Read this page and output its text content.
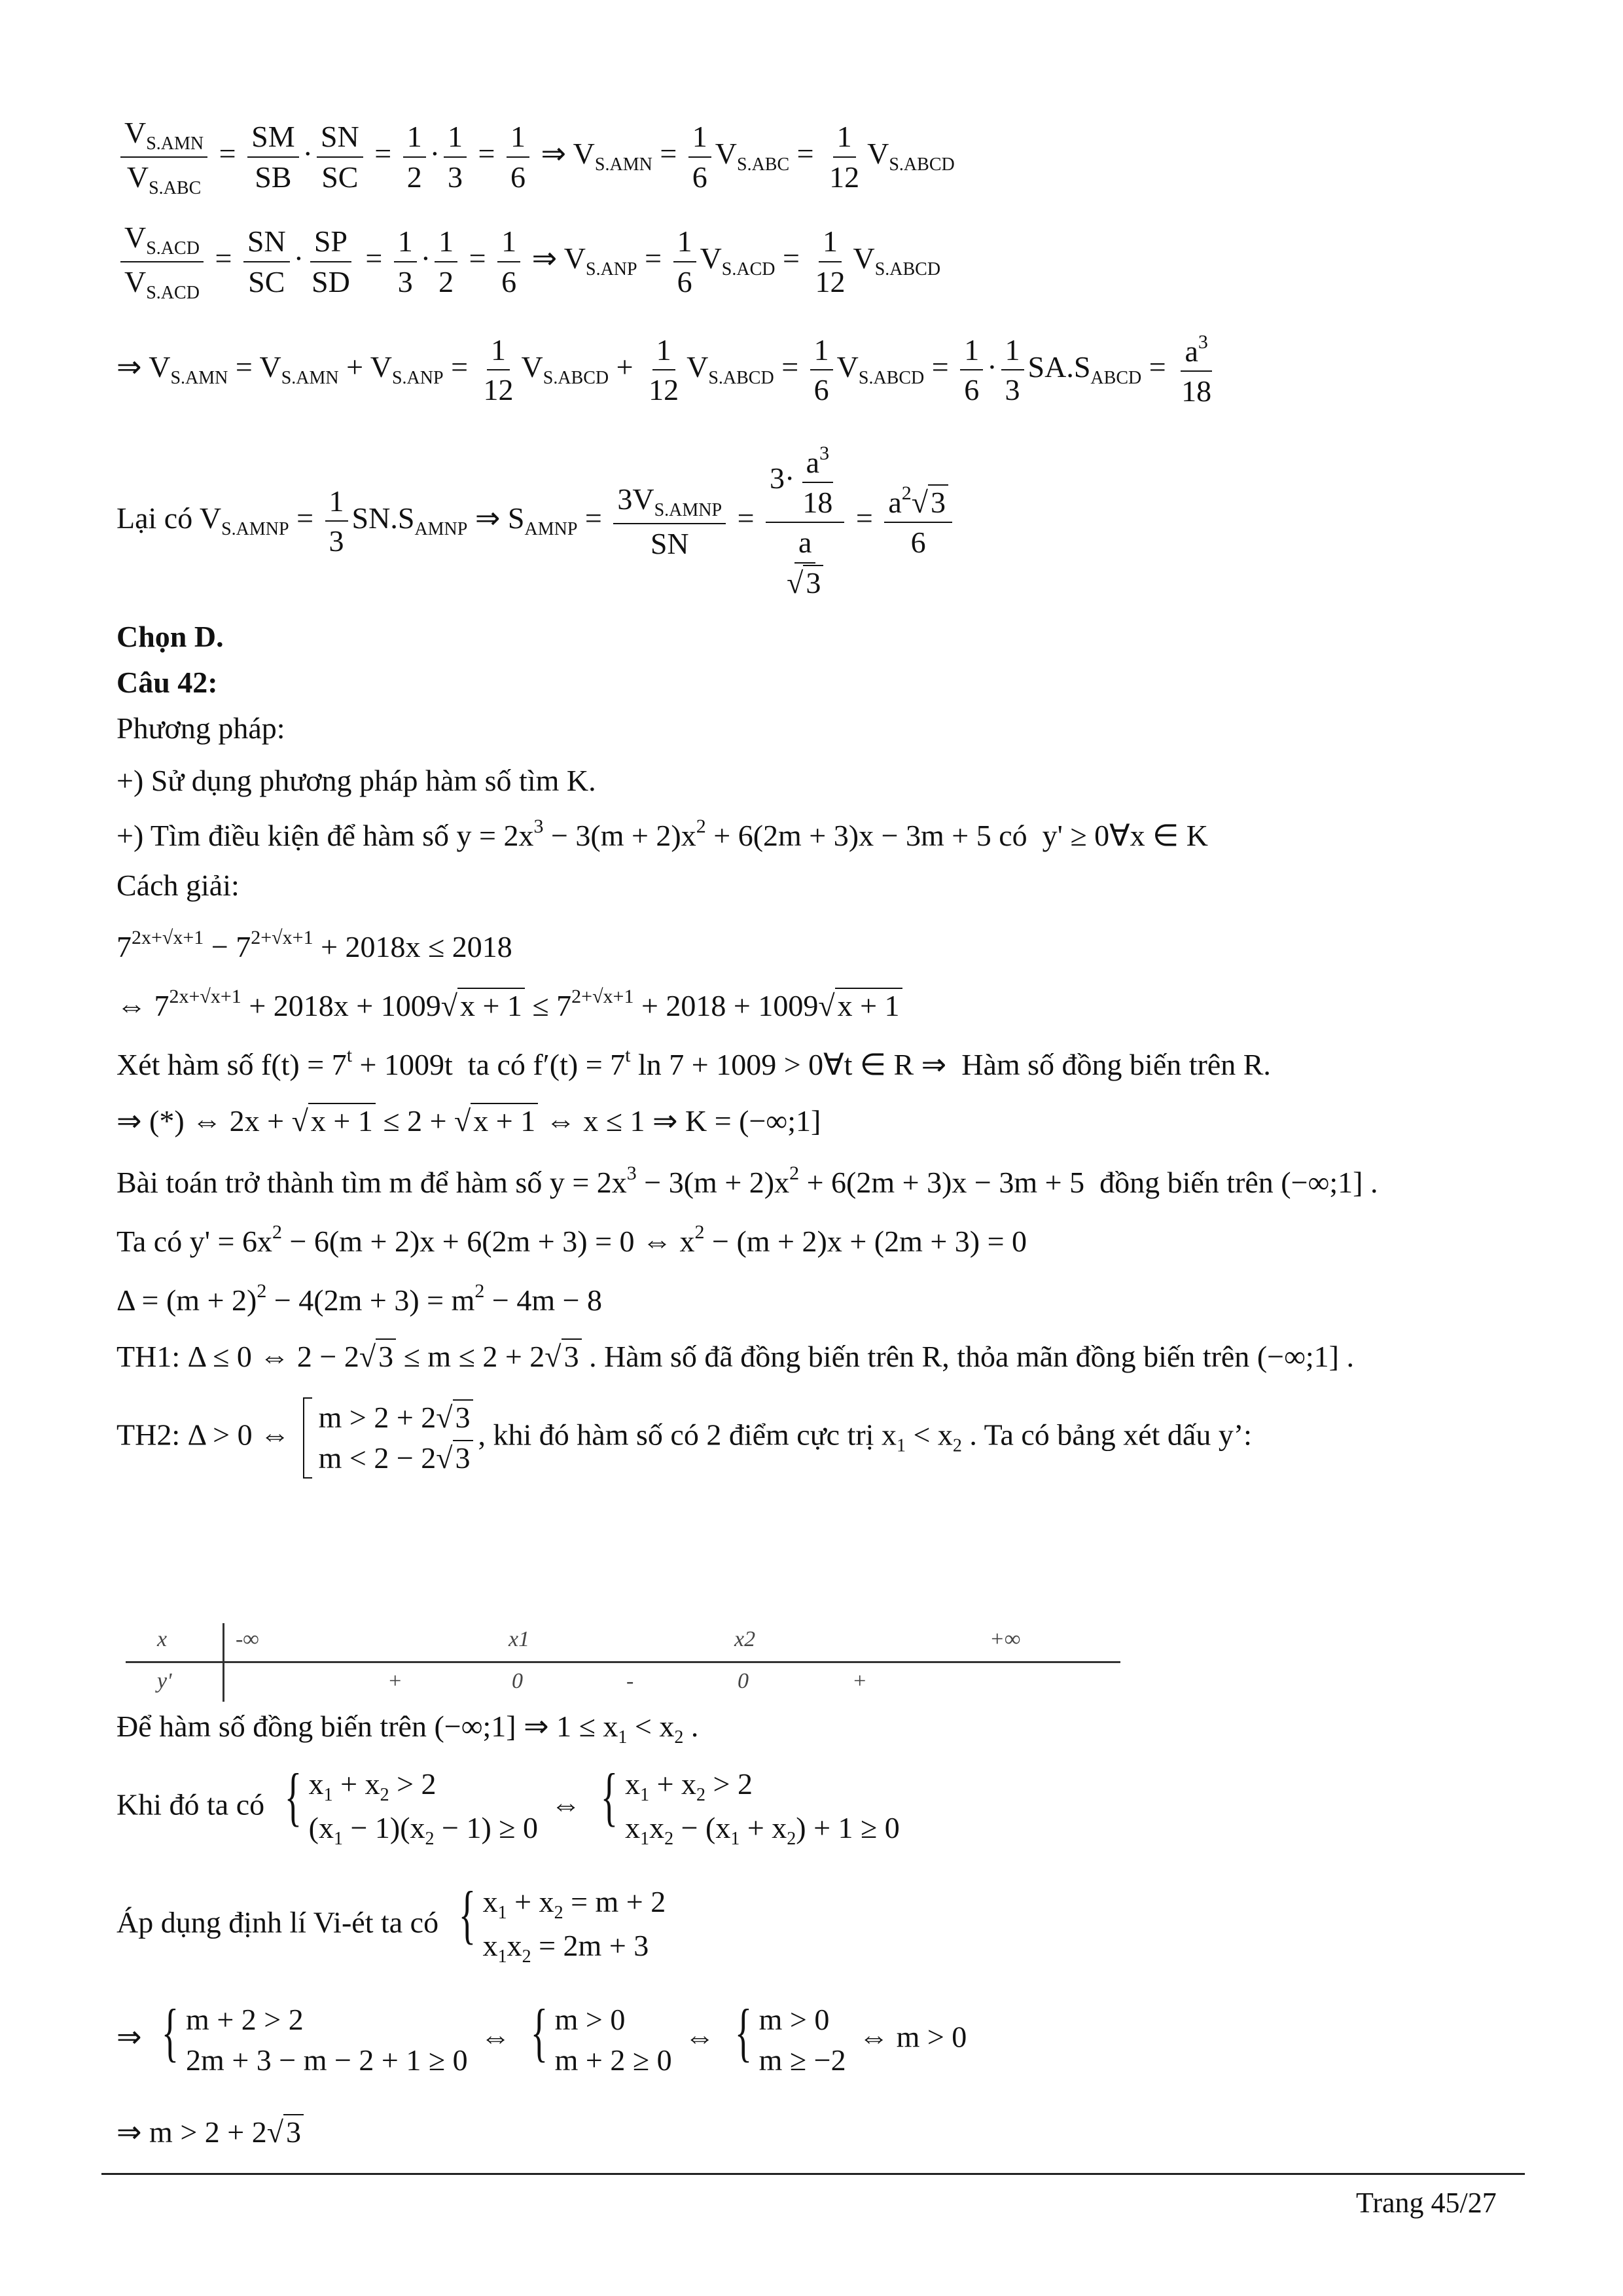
$\frac{V_{S.AMN}}{V_{S.ABC}} = \frac{SM}{SB} \cdot \frac{SN}{SC} = \frac{1}{2} \cdot \frac{1}{3} = \frac{1}{6}$ ⇒ $V_{S.AMN} = \frac{1}{6} V_{S.ABC} = \frac{1}{12} V_{S.ABCD}$
$\frac{V_{S.ACD}}{V_{S.ACD}} = \frac{SN}{SC} \cdot \frac{SP}{SD} = \frac{1}{3} \cdot \frac{1}{2} = \frac{1}{6}$ ⇒ $V_{S.ANP} = \frac{1}{6} V_{S.ACD} = \frac{1}{12} V_{S.ABCD}$
⇒ $V_{S.AMN} = V_{S.AMN} + V_{S.ANP} = \frac{1}{12} V_{S.ABCD} + \frac{1}{12} V_{S.ABCD} = \frac{1}{6} V_{S.ABCD} = \frac{1}{6} \cdot \frac{1}{3} SA.S_{ABCD} = \frac{a^3}{18}$
Lại có $V_{S.AMNP} = \frac{1}{3} SN.S_{AMNP}$ ⇒ $S_{AMNP} = \frac{3V_{S.AMNP}}{SN} = \frac{3\cdot \frac{a^3}{18}}{\frac{a}{√3}} = \frac{a^2√3}{6}$
Chọn D.
Câu 42:
Phương pháp:
+) Sử dụng phương pháp hàm số tìm K.
+) Tìm điều kiện để hàm số $y = 2x^3 - 3(m + 2)x^2 + 6(2m + 3)x - 3m + 5$ có  y' ≥ 0∀x ∈ K
Cách giải:
$7^{2x+√x+1} - 7^{2+√x+1} + 2018x \le 2018$
⇔ $7^{2x+√x+1} + 2018x + 1009√x + 1 \le 7^{2+√x+1} + 2018 + 1009√x + 1$
Xét hàm số $f(t) = 7^t + 1009t$  ta có $f'(t) = 7^t$ ln 7 + 1009 > 0∀t ∈ R ⇒  Hàm số đồng biến trên R.
⇒ (*) ⇔ 2x + √x + 1 ≤ 2 + √x + 1 ⇔ x ≤ 1 ⇒ K = (−∞;1]
Bài toán trở thành tìm m để hàm số $y = 2x^3 - 3(m + 2)x^2 + 6(2m + 3)x - 3m + 5$  đồng biến trên (−∞;1] .
Ta có $y' = 6x^2 - 6(m + 2)x + 6(2m + 3) = 0$ ⇔ $x^2 - (m + 2)x + (2m + 3) = 0$
$\Delta = (m + 2)^2 - 4(2m + 3) = m^2 - 4m - 8$
TH1: Δ ≤ 0 ⇔ 2 − 2√3 ≤ m ≤ 2 + 2√3 . Hàm số đã đồng biến trên R, thỏa mãn đồng biến trên (−∞;1] .
TH2: Δ > 0 ⇔
m > 2 + 2√3
m < 2 − 2√3
, khi đó hàm số có 2 điểm cực trị $x_1 < x_2$ . Ta có bảng xét dấu y’:
x	-∞	x1	x2	+∞
y'	+	0	-	0	+
Để hàm số đồng biến trên (−∞;1] ⇒ $1 \le x_1 < x_2$ .
Khi đó ta có { $x_1 + x_2 > 2$
$(x_1 - 1)(x_2 - 1) \ge 0$
⇔ { $x_1 + x_2 > 2$
$x_1x_2 - (x_1 + x_2) + 1 \ge 0$
Áp dụng định lí Vi-ét ta có { $x_1 + x_2 = m + 2$
$x_1x_2 = 2m + 3$
⇒ { m + 2 > 2
2m + 3 − m − 2 + 1 ≥ 0
⇔ { m > 0
m + 2 ≥ 0
⇔ { m > 0
m ≥ −2
⇔ m > 0
⇒ m > 2 + 2√3
Trang 45/27
